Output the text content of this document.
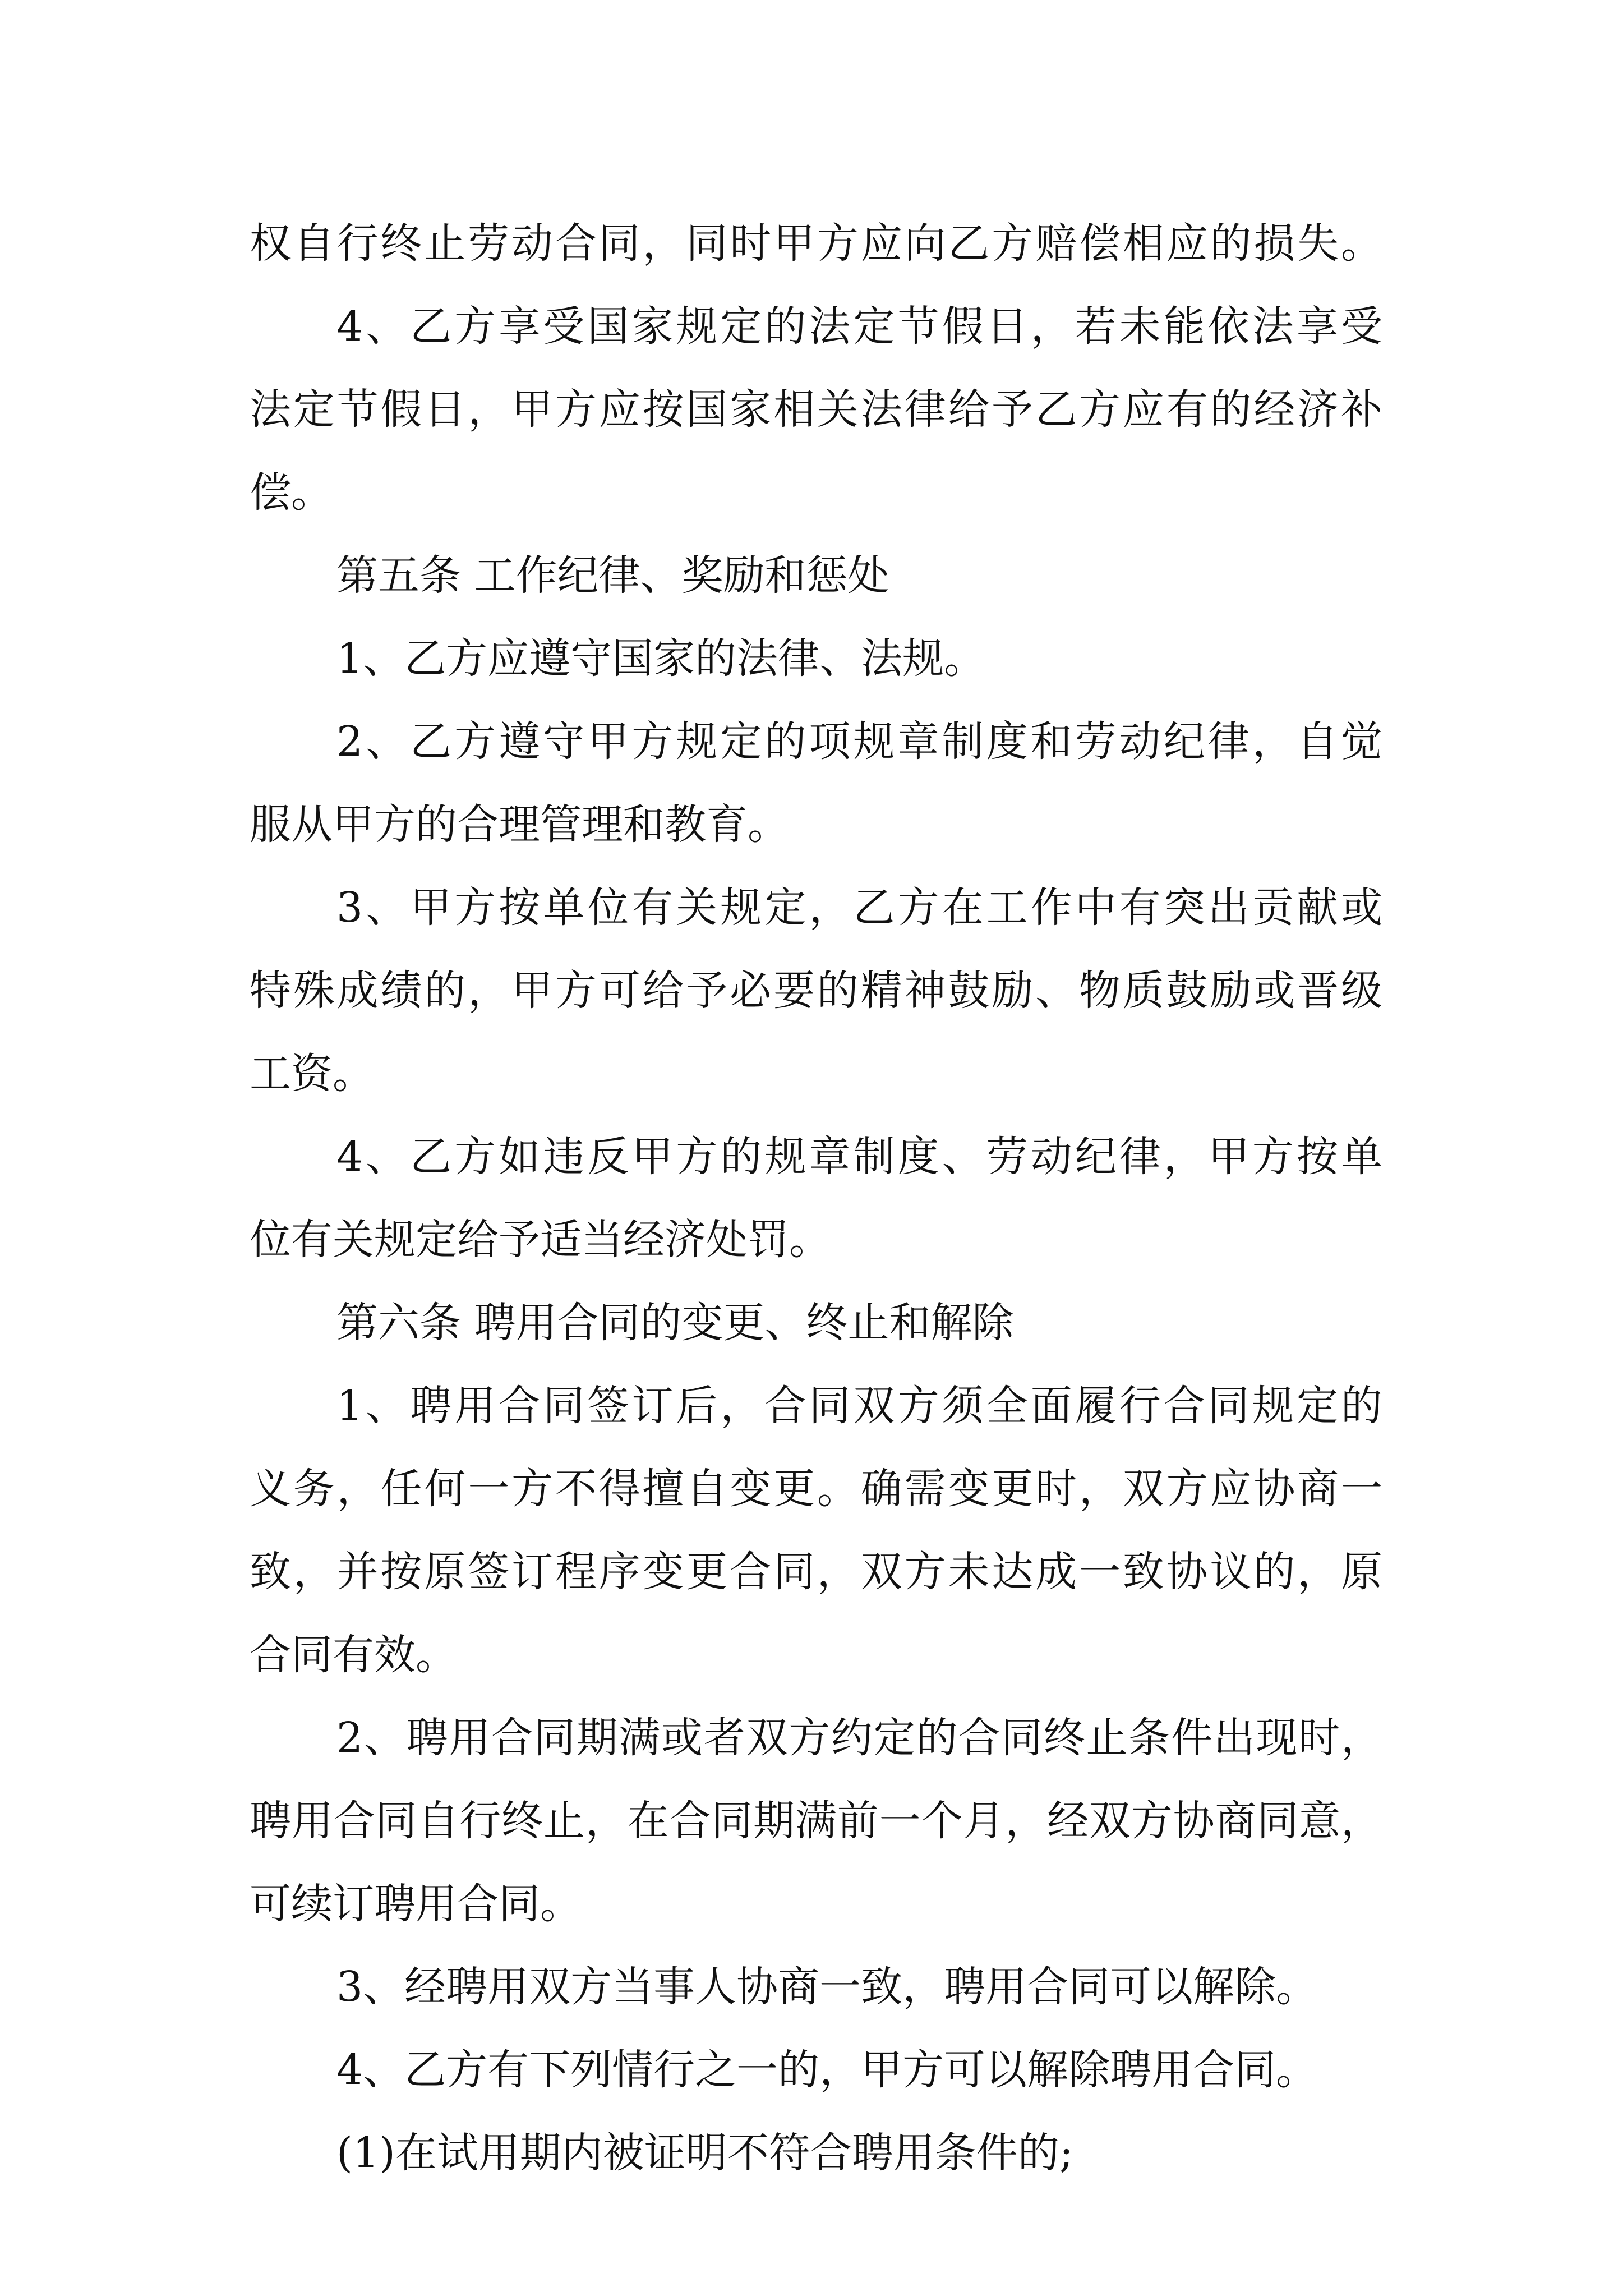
权自行终止劳动合同，同时甲方应向乙方赔偿相应的损失。
4、乙方享受国家规定的法定节假日，若未能依法享受
法定节假日，甲方应按国家相关法律给予乙方应有的经济补
偿。
第五条 工作纪律、奖励和惩处
1、乙方应遵守国家的法律、法规。
2、乙方遵守甲方规定的项规章制度和劳动纪律，自觉
服从甲方的合理管理和教育。
3、甲方按单位有关规定，乙方在工作中有突出贡献或
特殊成绩的，甲方可给予必要的精神鼓励、物质鼓励或晋级
工资。
4、乙方如违反甲方的规章制度、劳动纪律，甲方按单
位有关规定给予适当经济处罚。
第六条 聘用合同的变更、终止和解除
1、聘用合同签订后，合同双方须全面履行合同规定的
义务，任何一方不得擅自变更。确需变更时，双方应协商一
致，并按原签订程序变更合同，双方未达成一致协议的，原
合同有效。
2、聘用合同期满或者双方约定的合同终止条件出现时，
聘用合同自行终止，在合同期满前一个月，经双方协商同意，
可续订聘用合同。
3、经聘用双方当事人协商一致，聘用合同可以解除。
4、乙方有下列情行之一的，甲方可以解除聘用合同。
(1)在试用期内被证明不符合聘用条件的;
